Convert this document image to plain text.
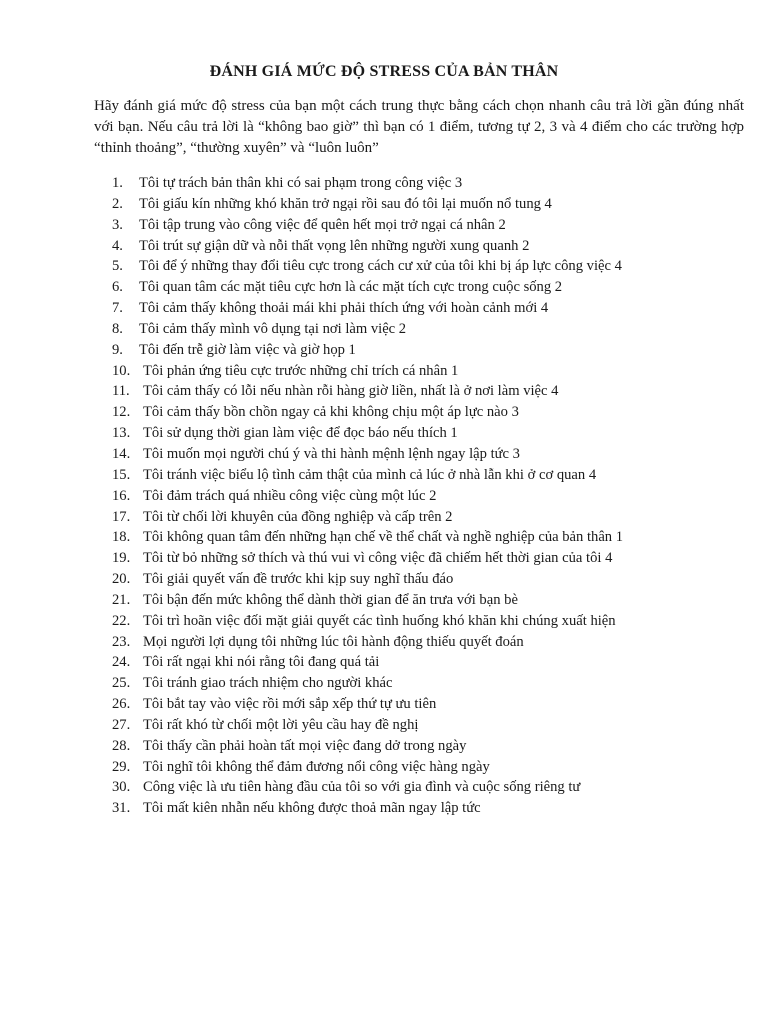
ĐÁNH GIÁ MỨC ĐỘ STRESS CỦA BẢN THÂN
Hãy đánh giá mức độ stress của bạn một cách trung thực bằng cách chọn nhanh câu trả lời gần đúng nhất với bạn. Nếu câu trả lời là “không bao giờ” thì bạn có 1 điểm, tương tự 2, 3 và 4 điểm cho các trường hợp “thỉnh thoảng”, “thường xuyên” và “luôn luôn”
1. Tôi tự trách bản thân khi có sai phạm trong công việc 3
2. Tôi giấu kín những khó khăn trở ngại rồi sau đó tôi lại muốn nổ tung 4
3. Tôi tập trung vào công việc để quên hết mọi trở ngại cá nhân 2
4. Tôi trút sự giận dữ và nỗi thất vọng lên những người xung quanh 2
5. Tôi để ý những thay đổi tiêu cực trong cách cư xử của tôi khi bị áp lực công việc 4
6. Tôi quan tâm các mặt tiêu cực hơn là các mặt tích cực trong cuộc sống 2
7. Tôi cảm thấy không thoải mái khi phải thích ứng với hoàn cảnh mới 4
8. Tôi cảm thấy mình vô dụng tại nơi làm việc 2
9. Tôi đến trễ giờ làm việc và giờ họp 1
10. Tôi phản ứng tiêu cực trước những chỉ trích cá nhân 1
11. Tôi cảm thấy có lỗi nếu nhàn rỗi hàng giờ liền, nhất là ở nơi làm việc 4
12. Tôi cảm thấy bồn chồn ngay cả khi không chịu một áp lực nào 3
13. Tôi sử dụng thời gian làm việc để đọc báo nếu thích 1
14. Tôi muốn mọi người chú ý và thi hành mệnh lệnh ngay lập tức 3
15. Tôi tránh việc biểu lộ tình cảm thật của mình cả lúc ở nhà lẫn khi ở cơ quan 4
16. Tôi đảm trách quá nhiều công việc cùng một lúc 2
17. Tôi từ chối lời khuyên của đồng nghiệp và cấp trên 2
18. Tôi không quan tâm đến những hạn chế về thể chất và nghề nghiệp của bản thân 1
19. Tôi từ bỏ những sở thích và thú vui vì công việc đã chiếm hết thời gian của tôi 4
20. Tôi giải quyết vấn đề trước khi kịp suy nghĩ thấu đáo
21. Tôi bận đến mức không thể dành thời gian để ăn trưa với bạn bè
22. Tôi trì hoãn việc đối mặt giải quyết các tình huống khó khăn khi chúng xuất hiện
23. Mọi người lợi dụng tôi những lúc tôi hành động thiếu quyết đoán
24. Tôi rất ngại khi nói rằng tôi đang quá tải
25. Tôi tránh giao trách nhiệm cho người khác
26. Tôi bắt tay vào việc rồi mới sắp xếp thứ tự ưu tiên
27. Tôi rất khó từ chối một lời yêu cầu hay đề nghị
28. Tôi thấy cần phải hoàn tất mọi việc đang dở trong ngày
29. Tôi nghĩ tôi không thể đảm đương nổi công việc hàng ngày
30. Công việc là ưu tiên hàng đầu của tôi so với gia đình và cuộc sống riêng tư
31. Tôi mất kiên nhẫn nếu không được thoả mãn ngay lập tức
